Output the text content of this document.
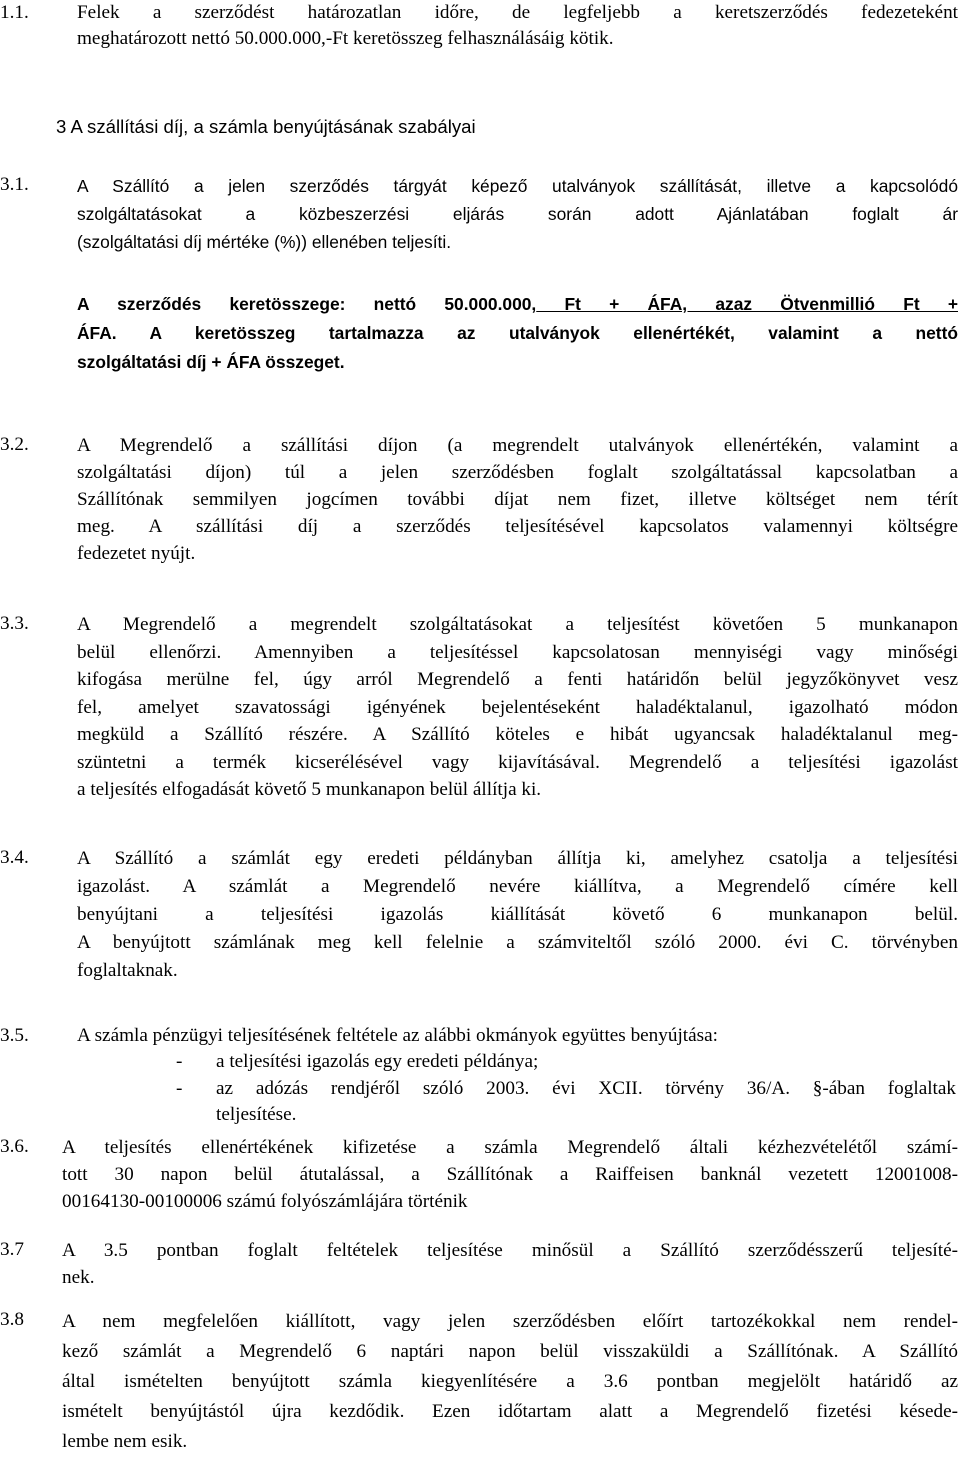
1.1.	Felek a szerződést határozatlan időre, de legfeljebb a keretszerződés fedezeteként
meghatározott nettó 50.000.000,-Ft keretösszeg felhasználásáig kötik.
3 A szállítási díj, a számla benyújtásának szabályai
3.1.	A Szállító a jelen szerződés tárgyát képező utalványok szállítását, illetve a kapcsolódó
szolgáltatásokat a közbeszerzési eljárás során adott Ajánlatában foglalt ár
(szolgáltatási díj mértéke (%)) ellenében teljesíti.
A szerződés keretösszege: nettó 50.000.000, Ft + ÁFA, azaz Ötvenmillió Ft +
ÁFA. A keretösszeg tartalmazza az utalványok ellenértékét, valamint a nettó
szolgáltatási díj + ÁFA összeget.
3.2.	A Megrendelő a szállítási díjon (a megrendelt utalványok ellenértékén, valamint a
szolgáltatási díjon) túl a jelen szerződésben foglalt szolgáltatással kapcsolatban a
Szállítónak semmilyen jogcímen további díjat nem fizet, illetve költséget nem térít
meg. A szállítási díj a szerződés teljesítésével kapcsolatos valamennyi költségre
fedezetet nyújt.
3.3.	A Megrendelő a megrendelt szolgáltatásokat a teljesítést követően 5 munkanapon
belül ellenőrzi. Amennyiben a teljesítéssel kapcsolatosan mennyiségi vagy minőségi
kifogása merülne fel, úgy arról Megrendelő a fenti határidőn belül jegyzőkönyvet vesz
fel, amelyet szavatossági igényének bejelentéseként haladéktalanul, igazolható módon
megküld a Szállító részére. A Szállító köteles e hibát ugyancsak haladéktalanul meg-
szüntetni a termék kicserélésével vagy kijavításával. Megrendelő a teljesítési igazolást
a teljesítés elfogadását követő 5 munkanapon belül állítja ki.
3.4.	A Szállító a számlát egy eredeti példányban állítja ki, amelyhez csatolja a teljesítési
igazolást. A számlát a Megrendelő nevére kiállítva, a Megrendelő címére kell
benyújtani a teljesítési igazolás kiállítását követő 6 munkanapon belül.
A benyújtott számlának meg kell felelnie a számviteltől szóló 2000. évi C. törvényben
foglaltaknak.
3.5.	A számla pénzügyi teljesítésének feltétele az alábbi okmányok együttes benyújtása:
- a teljesítési igazolás egy eredeti példánya;
- az adózás rendjéről szóló 2003. évi XCII. törvény 36/A. §-ában foglaltak
teljesítése.
3.6. A teljesítés ellenértékének kifizetése a számla Megrendelő általi kézhezvételétől számí-
tott 30 napon belül átutalással, a Szállítónak a Raiffeisen banknál vezetett 12001008-
00164130-00100006 számú folyószámlájára történik
3.7 A 3.5 pontban foglalt feltételek teljesítése minősül a Szállító szerződésszerű teljesíté-
nek.
3.8 A nem megfelelően kiállított, vagy jelen szerződésben előírt tartozékokkal nem rendel-
kező számlát a Megrendelő 6 naptári napon belül visszaküldi a Szállítónak. A Szállító
által ismételten benyújtott számla kiegyenlítésére a 3.6 pontban megjelölt határidő az
ismételt benyújtástól újra kezdődik. Ezen időtartam alatt a Megrendelő fizetési késede-
lembe nem esik.
